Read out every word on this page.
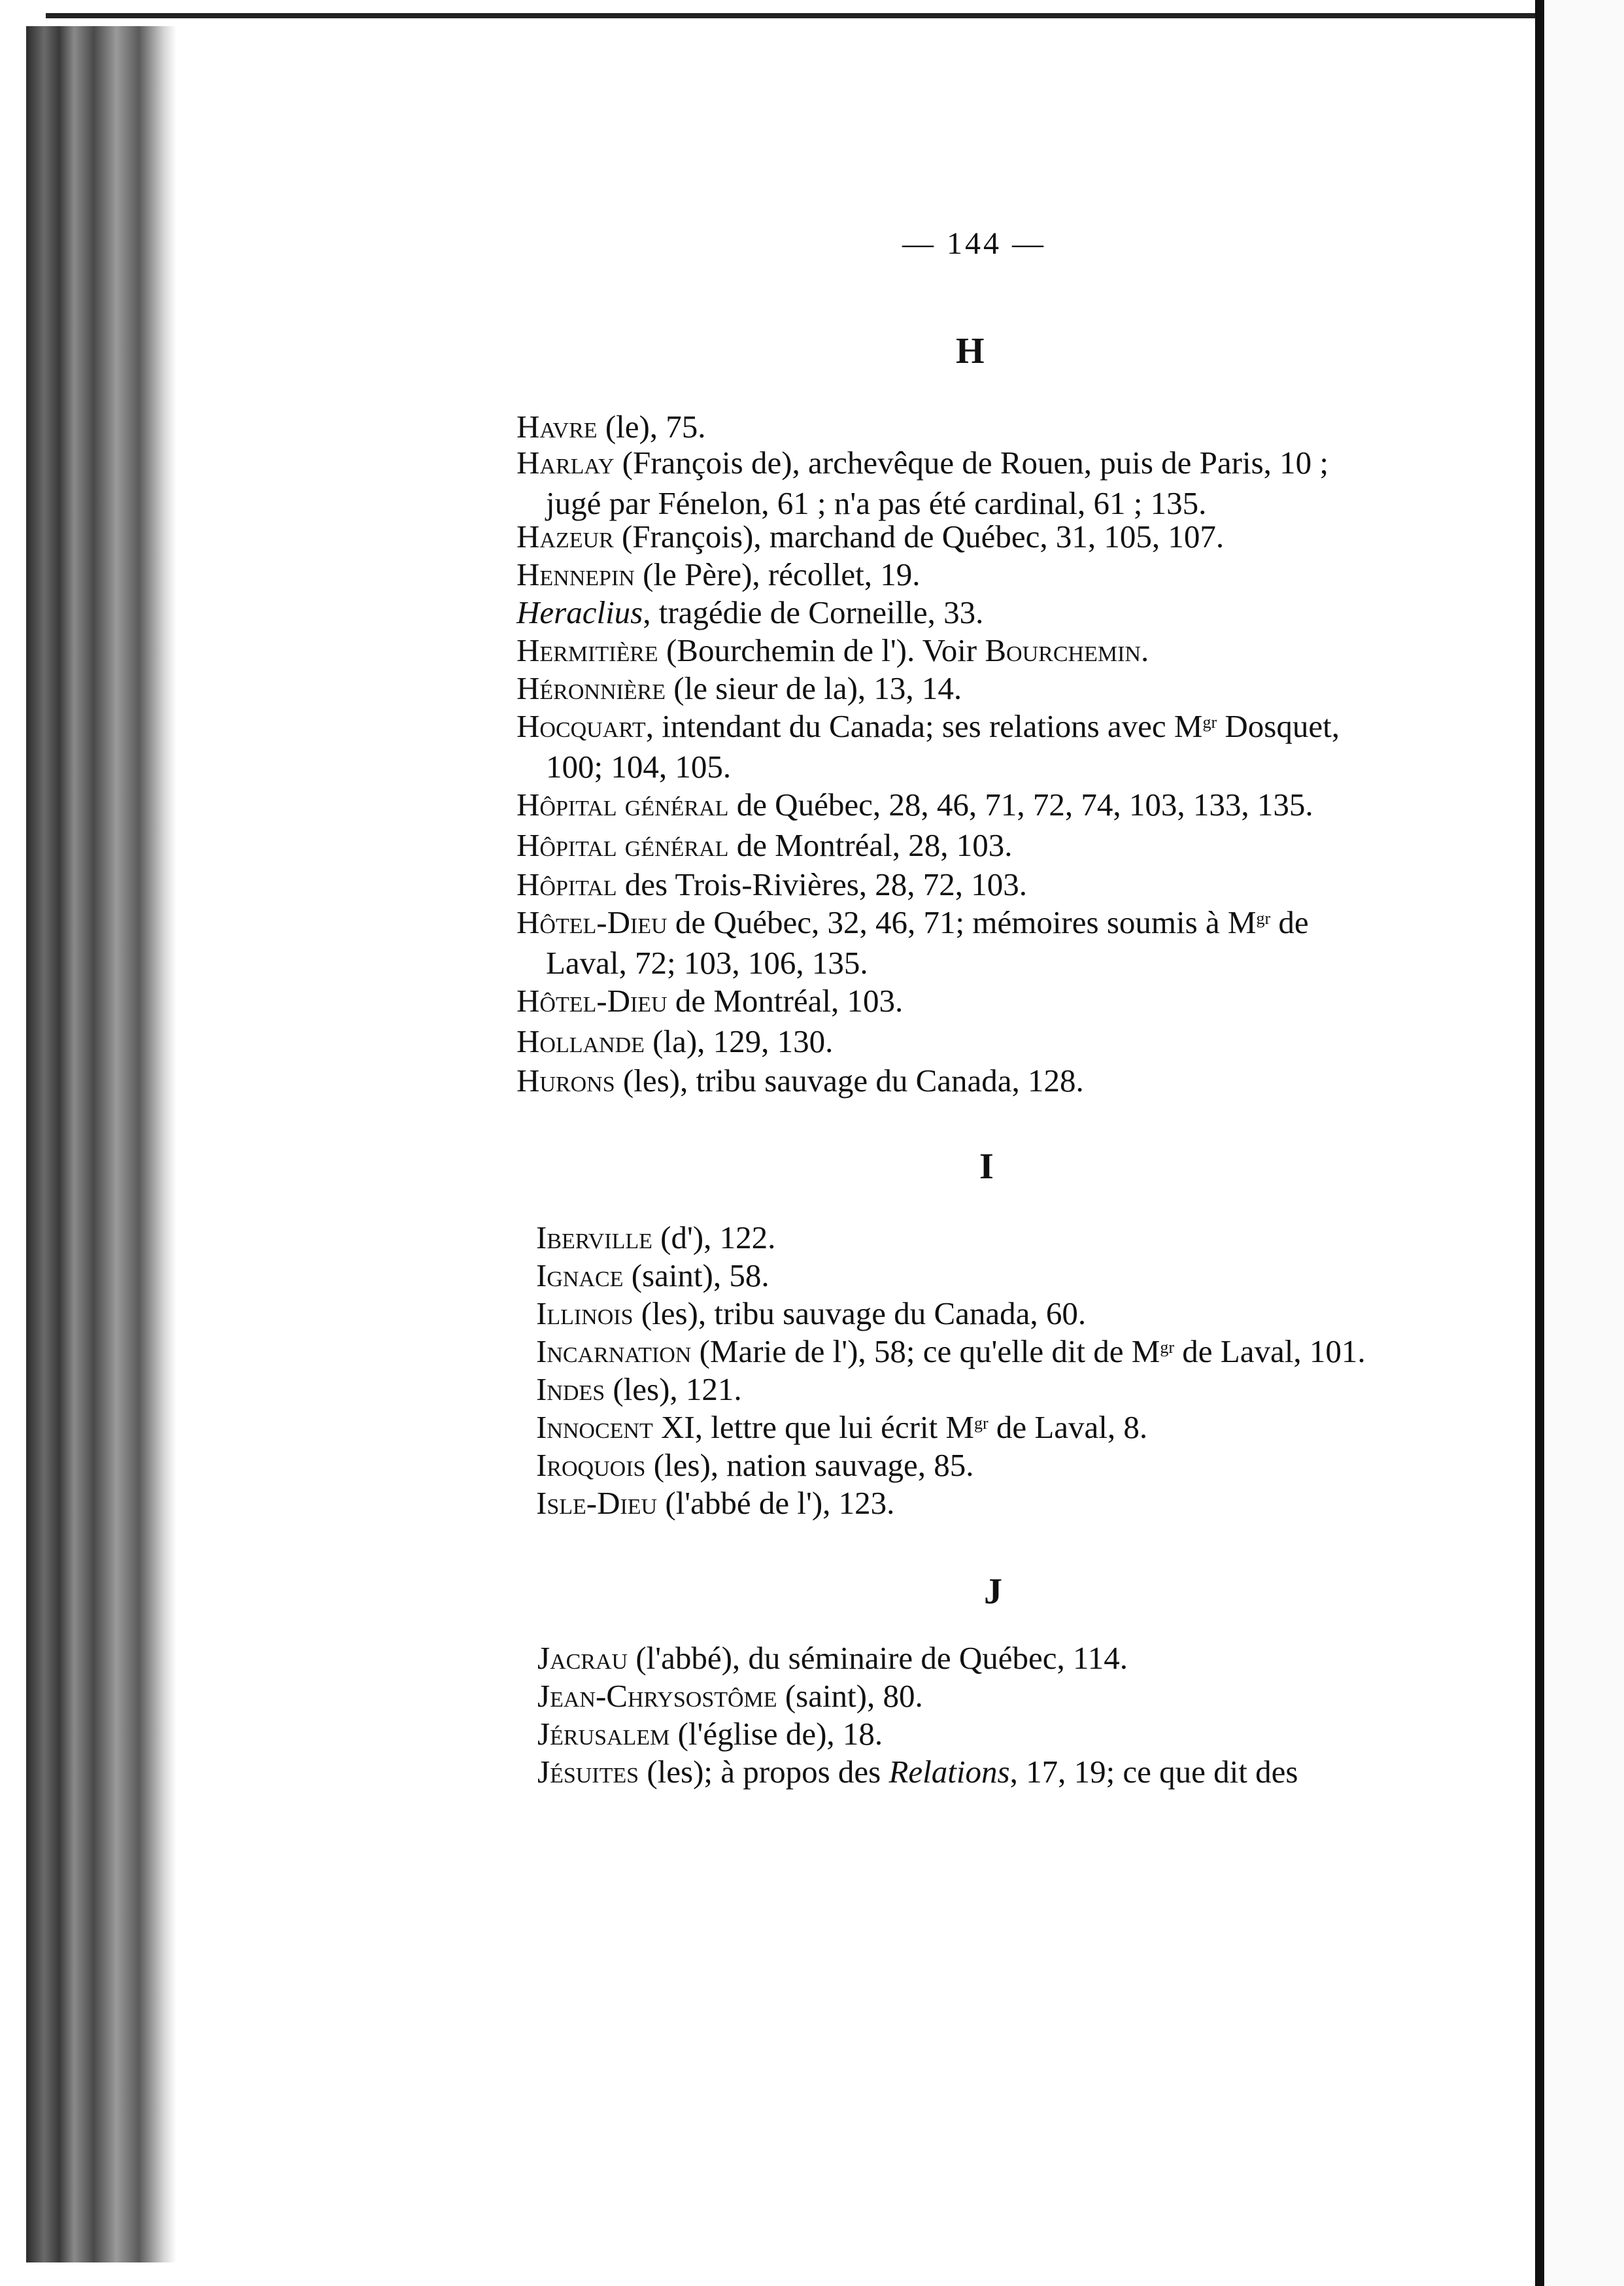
— 144 —
H
Havre (le), 75.
Harlay (François de), archevêque de Rouen, puis de Paris, 10 ;
jugé par Fénelon, 61 ; n'a pas été cardinal, 61 ; 135.
Hazeur (François), marchand de Québec, 31, 105, 107.
Hennepin (le Père), récollet, 19.
Heraclius, tragédie de Corneille, 33.
Hermitière (Bourchemin de l'). Voir Bourchemin.
Héronnière (le sieur de la), 13, 14.
Hocquart, intendant du Canada; ses relations avec $M^{gr}$ Dosquet,
100; 104, 105.
Hôpital général de Québec, 28, 46, 71, 72, 74, 103, 133, 135.
Hôpital général de Montréal, 28, 103.
Hôpital des Trois-Rivières, 28, 72, 103.
Hôtel-Dieu de Québec, 32, 46, 71; mémoires soumis à $M^{gr}$ de
Laval, 72; 103, 106, 135.
Hôtel-Dieu de Montréal, 103.
Hollande (la), 129, 130.
Hurons (les), tribu sauvage du Canada, 128.
I
Iberville (d'), 122.
Ignace (saint), 58.
Illinois (les), tribu sauvage du Canada, 60.
Incarnation (Marie de l'), 58; ce qu'elle dit de $M^{gr}$ de Laval, 101.
Indes (les), 121.
Innocent XI, lettre que lui écrit $M^{gr}$ de Laval, 8.
Iroquois (les), nation sauvage, 85.
Isle-Dieu (l'abbé de l'), 123.
J
Jacrau (l'abbé), du séminaire de Québec, 114.
Jean-Chrysostôme (saint), 80.
Jérusalem (l'église de), 18.
Jésuites (les); à propos des Relations, 17, 19; ce que dit des
